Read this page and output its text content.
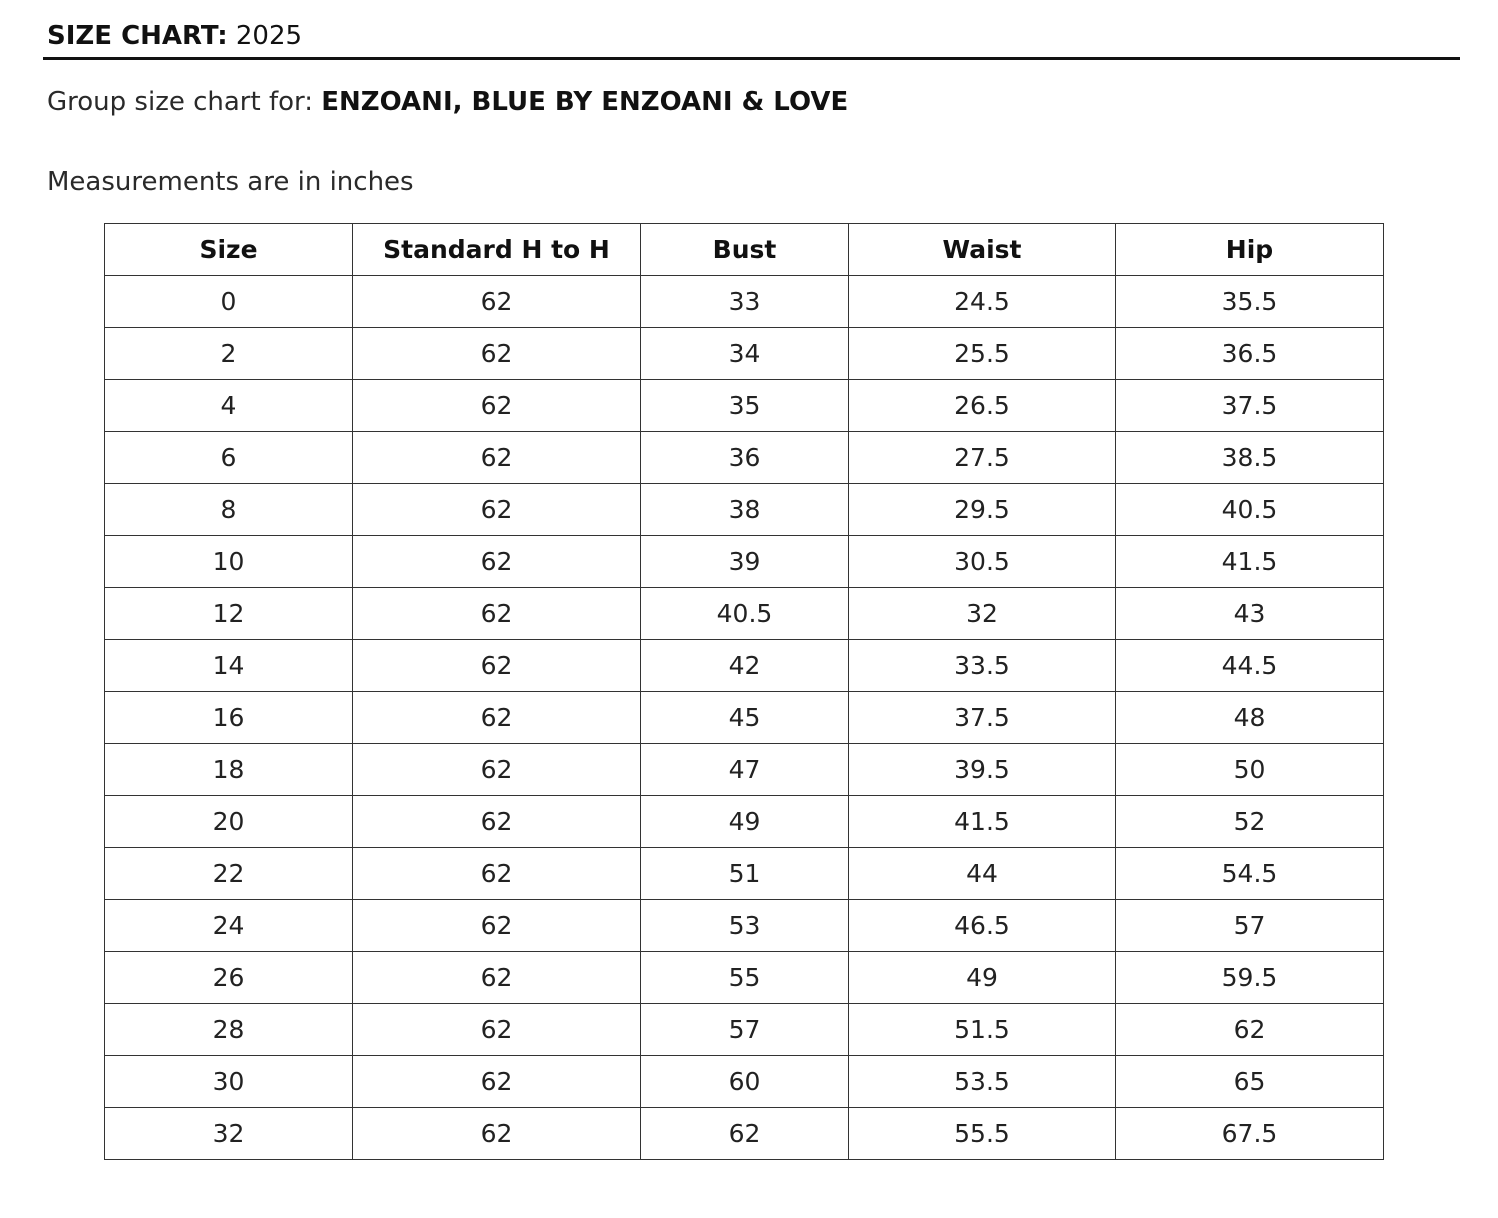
SIZE CHART: 2025
Group size chart for: ENZOANI, BLUE BY ENZOANI & LOVE
Measurements are in inches
Size	Standard H to H	Bust	Waist	Hip
0	62	33	24.5	35.5
2	62	34	25.5	36.5
4	62	35	26.5	37.5
6	62	36	27.5	38.5
8	62	38	29.5	40.5
10	62	39	30.5	41.5
12	62	40.5	32	43
14	62	42	33.5	44.5
16	62	45	37.5	48
18	62	47	39.5	50
20	62	49	41.5	52
22	62	51	44	54.5
24	62	53	46.5	57
26	62	55	49	59.5
28	62	57	51.5	62
30	62	60	53.5	65
32	62	62	55.5	67.5
